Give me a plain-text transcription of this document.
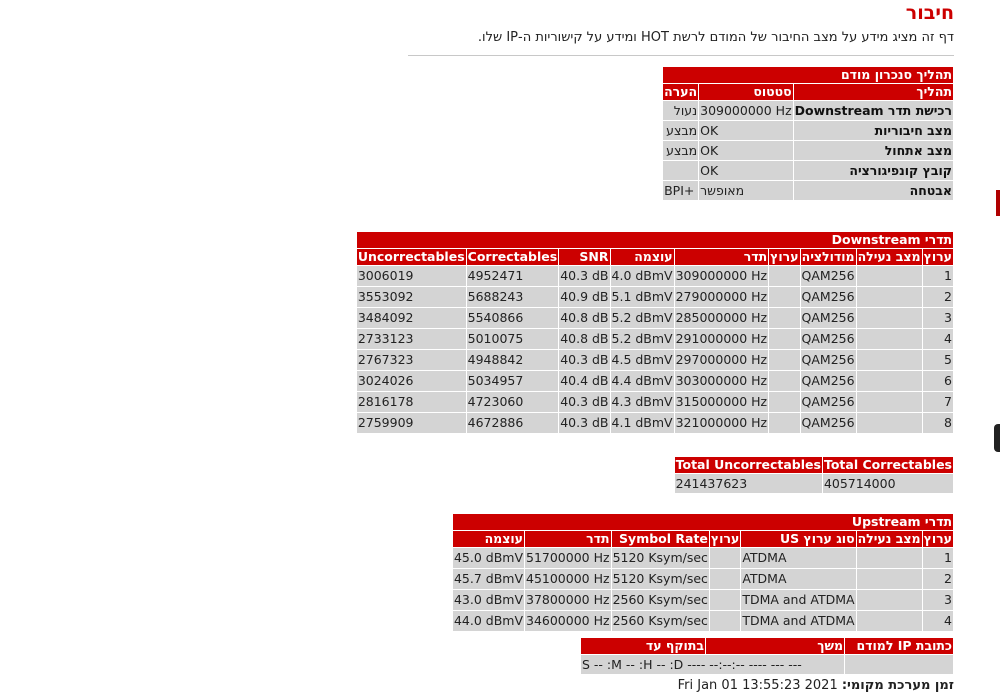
חיבור

דף זה מציג מידע על מצב החיבור של המודם לרשת HOT ומידע על קישוריות ה-IP שלו.

תהליך סנכרון מודם		
תהליך	סטטוס	הערה
רכישת תדר Downstream	309000000 Hz	נעול
מצב חיבוריות	OK	מבצע
מצב אתחול	OK	מבצע
קובץ קונפיגורציה	OK	
אבטחה	מאופשר	BPI+
תדרי Downstream								
ערוץ	מצב נעילה	מודולציה	ערוץ	תדר	עוצמה	SNR	Correctables	Uncorrectables
1		QAM256		309000000 Hz	4.0 dBmV	40.3 dB	4952471	3006019
2		QAM256		279000000 Hz	5.1 dBmV	40.9 dB	5688243	3553092
3		QAM256		285000000 Hz	5.2 dBmV	40.8 dB	5540866	3484092
4		QAM256		291000000 Hz	5.2 dBmV	40.8 dB	5010075	2733123
5		QAM256		297000000 Hz	4.5 dBmV	40.3 dB	4948842	2767323
6		QAM256		303000000 Hz	4.4 dBmV	40.4 dB	5034957	3024026
7		QAM256		315000000 Hz	4.3 dBmV	40.3 dB	4723060	2816178
8		QAM256		321000000 Hz	4.1 dBmV	40.3 dB	4672886	2759909
Total Correctables	Total Uncorrectables
405714000	241437623
תדרי Upstream						
ערוץ	מצב נעילה	סוג ערוץ US	ערוץ	Symbol Rate	תדר	עוצמה
1		ATDMA		5120 Ksym/sec	51700000 Hz	45.0 dBmV
2		ATDMA		5120 Ksym/sec	45100000 Hz	45.7 dBmV
3		TDMA and ATDMA		2560 Ksym/sec	37800000 Hz	43.0 dBmV
4		TDMA and ATDMA		2560 Ksym/sec	34600000 Hz	44.0 dBmV
כתובת IP למודם	משך	בתוקף עד
	S -- :M -- :H -- :D ---- --:--:-- ---- --- ---	
זמן מערכת מקומי: Fri Jan 01 13:55:23 2021
